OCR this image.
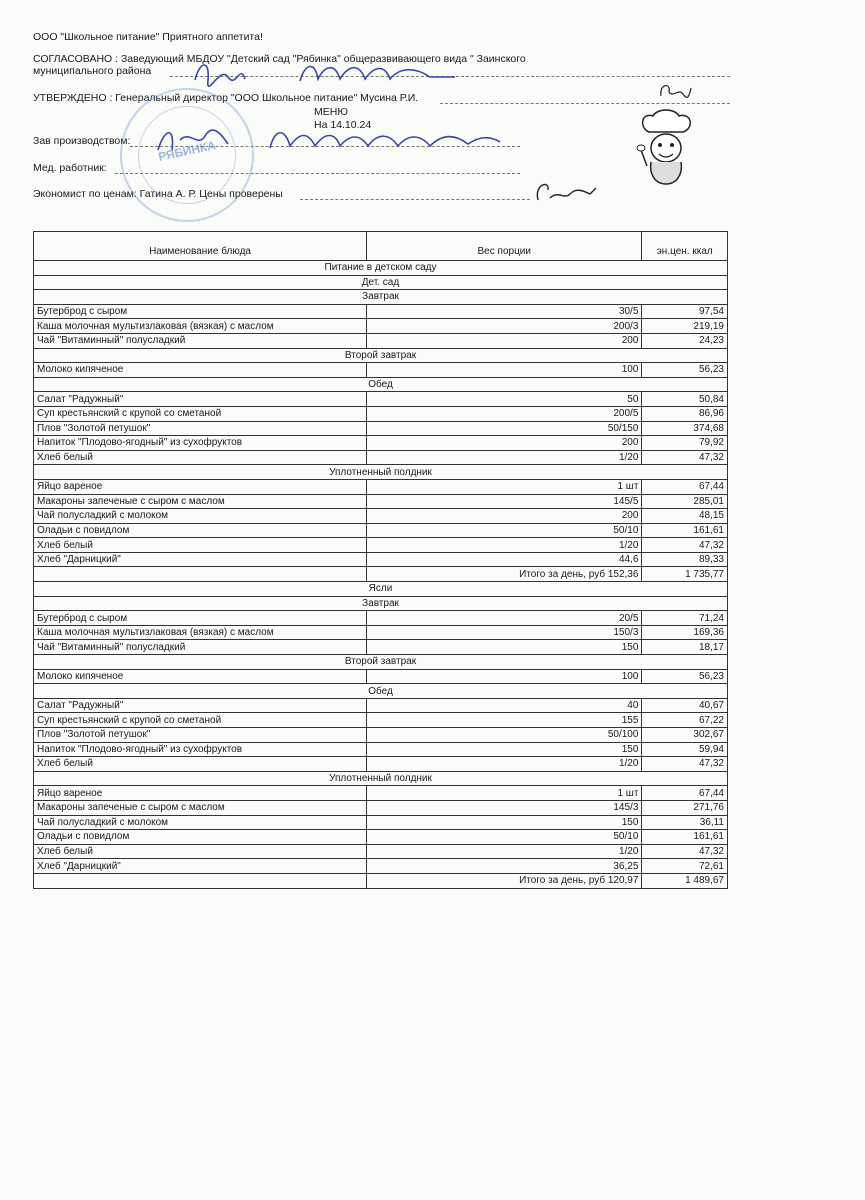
ООО "Школьное питание" Приятного аппетита!
СОГЛАСОВАНО : Заведующий МБДОУ "Детский сад "Рябинка" общеразвивающего вида " Заинского
муниципального района
УТВЕРЖДЕНО : Генеральный директор "ООО Школьное питание" Мусина Р.И.
МЕНЮ
На 14.10.24
Зав производством:
Мед. работник:
Экономист по ценам: Гатина А. Р. Цены проверены
РЯБИНКА
Наименование блюда	Вес порции	эн.цен. ккал
Питание в детском саду		
Дет. сад		
Завтрак		
Бутерброд с сыром	30/5	97,54
Каша молочная мультизлаковая (вязкая) с маслом	200/3	219,19
Чай "Витаминный" полусладкий	200	24,23
Второй завтрак		
Молоко кипяченое	100	56,23
Обед		
Салат "Радужный"	50	50,84
Суп крестьянский с крупой со сметаной	200/5	86,96
Плов "Золотой петушок"	50/150	374,68
Напиток "Плодово-ягодный" из сухофруктов	200	79,92
Хлеб белый	1/20	47,32
Уплотненный полдник		
Яйцо вареное	1 шт	67,44
Макароны запеченые с сыром с маслом	145/5	285,01
Чай полусладкий с молоком	200	48,15
Оладьи с повидлом	50/10	161,61
Хлеб белый	1/20	47,32
Хлеб "Дарницкий"	44,6	89,33
	Итого за день, руб 152,36	1 735,77
Ясли		
Завтрак		
Бутерброд с сыром	20/5	71,24
Каша молочная мультизлаковая (вязкая) с маслом	150/3	169,36
Чай "Витаминный" полусладкий	150	18,17
Второй завтрак		
Молоко кипяченое	100	56,23
Обед		
Салат "Радужный"	40	40,67
Суп крестьянский с крупой со сметаной	155	67,22
Плов "Золотой петушок"	50/100	302,67
Напиток "Плодово-ягодный" из сухофруктов	150	59,94
Хлеб белый	1/20	47,32
Уплотненный полдник		
Яйцо вареное	1 шт	67,44
Макароны запеченые с сыром с маслом	145/3	271,76
Чай полусладкий с молоком	150	36,11
Оладьи с повидлом	50/10	161,61
Хлеб белый	1/20	47,32
Хлеб "Дарницкий"	36,25	72,61
	Итого за день, руб 120,97	1 489,67
